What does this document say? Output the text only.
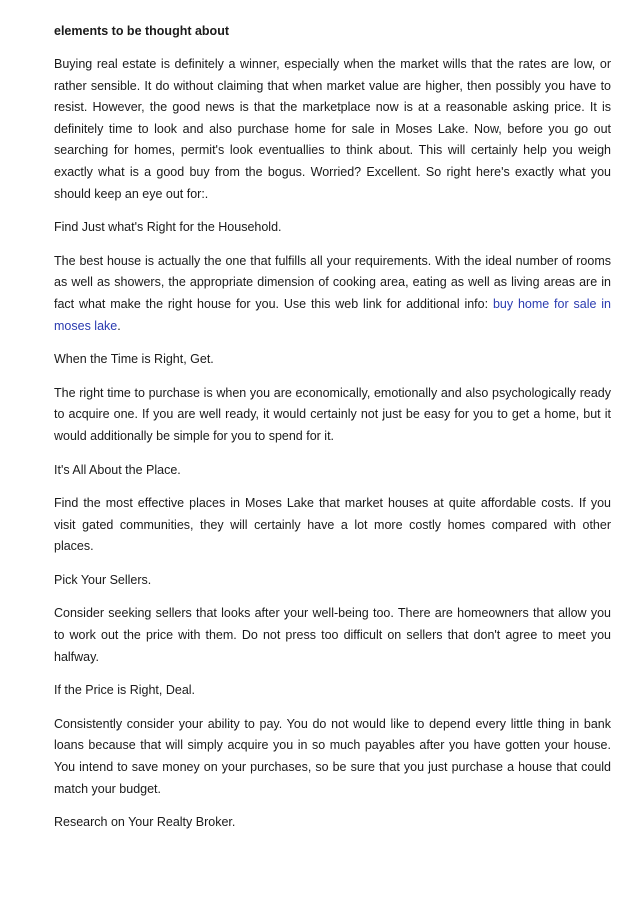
elements to be thought about

Buying real estate is definitely a winner, especially when the market wills that the rates are low, or rather sensible. It do without claiming that when market value are higher, then possibly you have to resist. However, the good news is that the marketplace now is at a reasonable asking price. It is definitely time to look and also purchase home for sale in Moses Lake. Now, before you go out searching for homes, permit's look eventuallies to think about. This will certainly help you weigh exactly what is a good buy from the bogus. Worried? Excellent. So right here's exactly what you should keep an eye out for:.

Find Just what's Right for the Household.

The best house is actually the one that fulfills all your requirements. With the ideal number of rooms as well as showers, the appropriate dimension of cooking area, eating as well as living areas are in fact what make the right house for you. Use this web link for additional info: buy home for sale in moses lake.

When the Time is Right, Get.

The right time to purchase is when you are economically, emotionally and also psychologically ready to acquire one. If you are well ready, it would certainly not just be easy for you to get a home, but it would additionally be simple for you to spend for it.

It's All About the Place.

Find the most effective places in Moses Lake that market houses at quite affordable costs. If you visit gated communities, they will certainly have a lot more costly homes compared with other places.

Pick Your Sellers.

Consider seeking sellers that looks after your well-being too. There are homeowners that allow you to work out the price with them. Do not press too difficult on sellers that don't agree to meet you halfway.

If the Price is Right, Deal.

Consistently consider your ability to pay. You do not would like to depend every little thing in bank loans because that will simply acquire you in so much payables after you have gotten your house. You intend to save money on your purchases, so be sure that you just purchase a house that could match your budget.

Research on Your Realty Broker.
